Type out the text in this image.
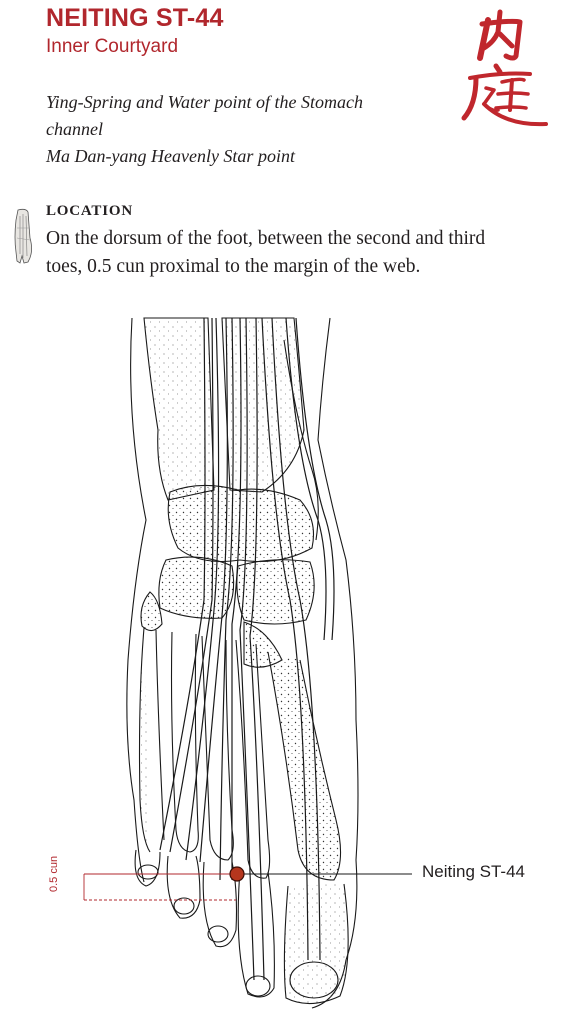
NEITING ST-44
Inner Courtyard
Ying-Spring and Water point of the Stomach
channel
Ma Dan-yang Heavenly Star point
LOCATION
On the dorsum of the foot, between the second and third
toes, 0.5 cun proximal to the margin of the web.
Neiting ST-44
0.5 cun
